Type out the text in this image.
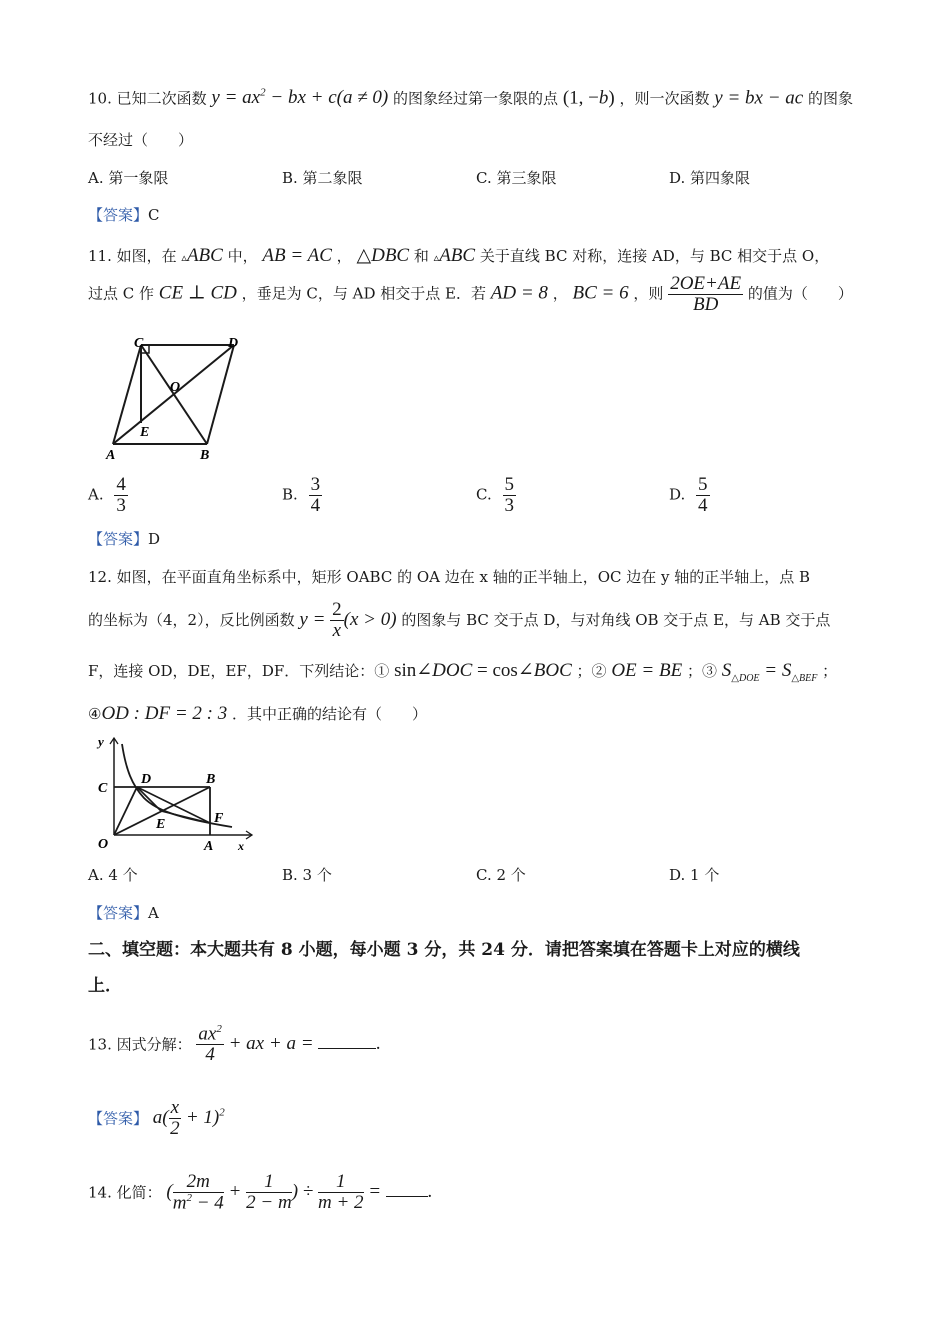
10. 已知二次函数 $y = ax^2$ − bx + c(a ≠ 0) 的图象经过第一象限的点 (1, −b) ，则一次函数 y = bx − ac 的图象
不经过（　　）
A. 第一象限	B. 第二象限	C. 第三象限	D. 第四象限
【答案】C
11. 如图，在 ▵ABC 中， AB = AC ， △DBC 和 ▵ABC 关于直线 BC 对称，连接 AD，与 BC 相交于点 O，
过点 C 作 CE ⊥ CD ，垂足为 C，与 AD 相交于点 E．若 AD = 8 ， BC = 6 ，则 $\frac{2OE+AE}{BD}$ 的值为（　　）
C	D
O
E
A	B
A. $\frac{4}{3}$	B. $\frac{3}{4}$	C. $\frac{5}{3}$	D. $\frac{5}{4}$
【答案】D
12. 如图，在平面直角坐标系中，矩形 OABC 的 OA 边在 x 轴的正半轴上，OC 边在 y 轴的正半轴上，点 B
的坐标为（4，2），反比例函数 $y = \frac{2}{x} (x > 0)$ 的图象与 BC 交于点 D，与对角线 OB 交于点 E，与 AB 交于点
F，连接 OD，DE，EF，DF．下列结论：① sin∠DOC = cos∠BOC ；② OE = BE ；③ $S_{\triangle DOE} = S_{\triangle BEF}$ ；
④OD : DF = 2 : 3 ．其中正确的结论有（　　）
y
C
D	B
E	F
O	A x
A. 4 个	B. 3 个	C. 2 个	D. 1 个
【答案】A
二、填空题：本大题共有 8 小题，每小题 3 分，共 24 分．请把答案填在答题卡上对应的横线
上．
13. 因式分解： $\frac{ax^2}{4}$ + ax + a =	.
【答案】 $a( \frac{x}{2} + 1)^2$
14. 化简： ( $\frac{2m}{m^2 - 4} + \frac{1}{2 - m}$ ) ÷ $\frac{1}{m + 2}$ = .
